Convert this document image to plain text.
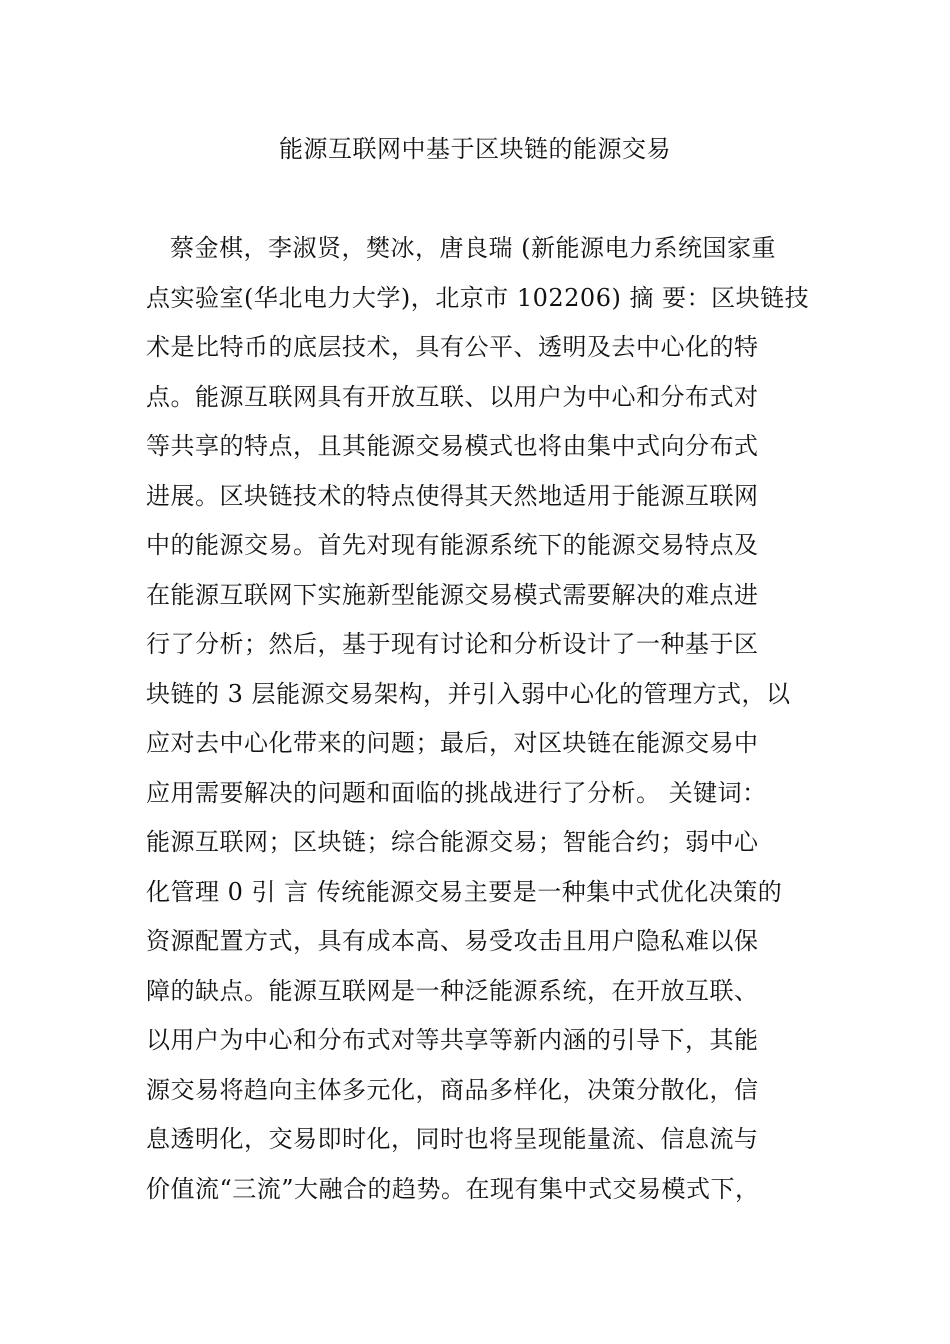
能源互联网中基于区块链的能源交易
蔡金棋，李淑贤，樊冰，唐良瑞 (新能源电力系统国家重
点实验室(华北电力大学)，北京市 102206) 摘 要：区块链技
术是比特币的底层技术，具有公平、透明及去中心化的特
点。能源互联网具有开放互联、以用户为中心和分布式对
等共享的特点，且其能源交易模式也将由集中式向分布式
进展。区块链技术的特点使得其天然地适用于能源互联网
中的能源交易。首先对现有能源系统下的能源交易特点及
在能源互联网下实施新型能源交易模式需要解决的难点进
行了分析；然后，基于现有讨论和分析设计了一种基于区
块链的 3 层能源交易架构，并引入弱中心化的管理方式，以
应对去中心化带来的问题；最后，对区块链在能源交易中
应用需要解决的问题和面临的挑战进行了分析。 关键词：
能源互联网；区块链；综合能源交易；智能合约；弱中心
化管理 0 引 言 传统能源交易主要是一种集中式优化决策的
资源配置方式，具有成本高、易受攻击且用户隐私难以保
障的缺点。能源互联网是一种泛能源系统，在开放互联、
以用户为中心和分布式对等共享等新内涵的引导下，其能
源交易将趋向主体多元化，商品多样化，决策分散化，信
息透明化，交易即时化，同时也将呈现能量流、信息流与
价值流“三流”大融合的趋势。在现有集中式交易模式下，
